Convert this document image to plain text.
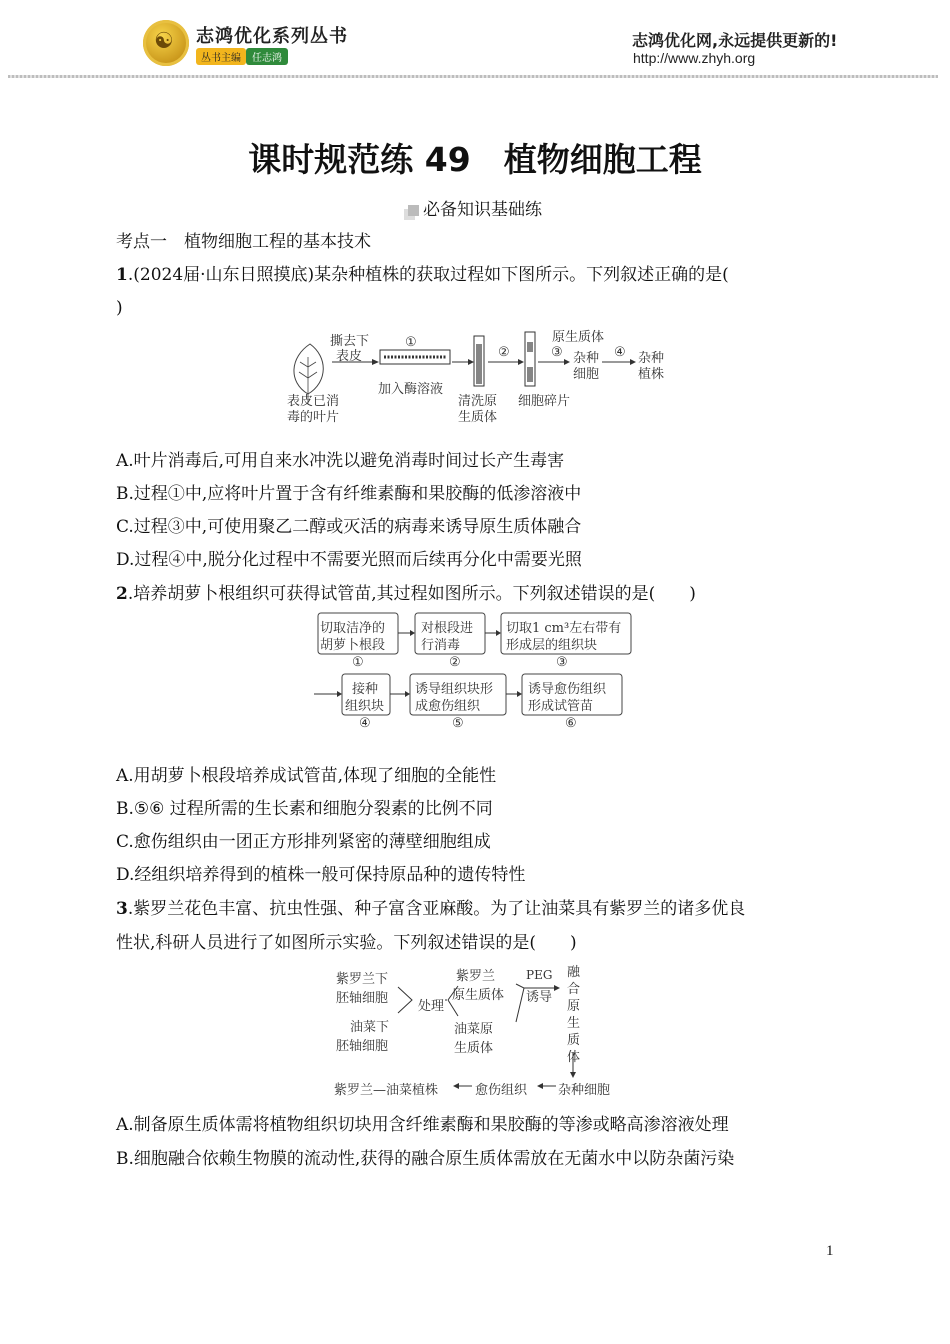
☯ 志鸿优化系列丛书
丛书主编	任志鸿
志鸿优化网,永远提供更新的!
http://www.zhyh.org
课时规范练 49　植物细胞工程
必备知识基础练
考点一　植物细胞工程的基本技术
1.(2024届·山东日照摸底)某杂种植株的获取过程如下图所示。下列叙述正确的是(
)
表皮已消
毒的叶片
撕去下
表皮
①
加入酶溶液
②
清洗原
生质体
细胞碎片
原生质体
③ 杂种
细胞
④ 杂种
植株
A.叶片消毒后,可用自来水冲洗以避免消毒时间过长产生毒害
B.过程①中,应将叶片置于含有纤维素酶和果胶酶的低渗溶液中
C.过程③中,可使用聚乙二醇或灭活的病毒来诱导原生质体融合
D.过程④中,脱分化过程中不需要光照而后续再分化中需要光照
2.培养胡萝卜根组织可获得试管苗,其过程如图所示。下列叙述错误的是(　　)
切取洁净的
胡萝卜根段
对根段进
行消毒
切取1 cm³左右带有
形成层的组织块
①	②	③
接种
组织块
诱导组织块形
成愈伤组织
诱导愈伤组织
形成试管苗
④	⑤	⑥
A.用胡萝卜根段培养成试管苗,体现了细胞的全能性
B.⑤⑥ 过程所需的生长素和细胞分裂素的比例不同
C.愈伤组织由一团正方形排列紧密的薄壁细胞组成
D.经组织培养得到的植株一般可保持原品种的遗传特性
3.紫罗兰花色丰富、抗虫性强、种子富含亚麻酸。为了让油菜具有紫罗兰的诸多优良
性状,科研人员进行了如图所示实验。下列叙述错误的是(　　)
紫罗兰下
胚轴细胞
油菜下
胚轴细胞
处理
紫罗兰
原生质体
油菜原
生质体
PEG
诱导
融
合
原
生
质
体
紫罗兰—油菜植株	愈伤组织 杂种细胞
A.制备原生质体需将植物组织切块用含纤维素酶和果胶酶的等渗或略高渗溶液处理
B.细胞融合依赖生物膜的流动性,获得的融合原生质体需放在无菌水中以防杂菌污染
1
